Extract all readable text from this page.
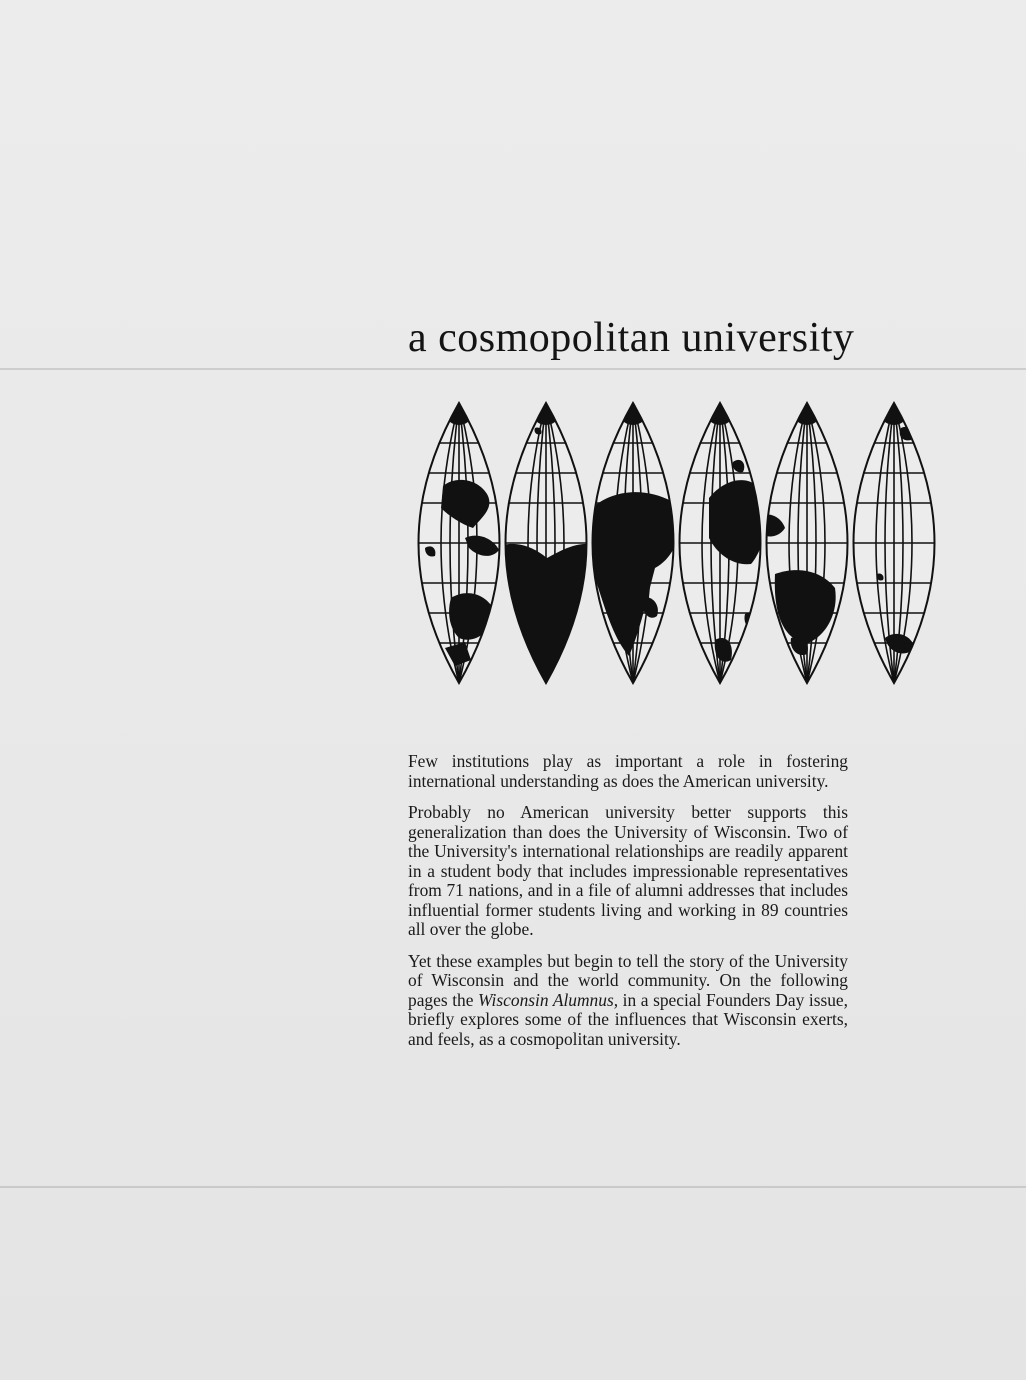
a cosmopolitan university

Few institutions play as important a role in fostering international understanding as does the American university.

Probably no American university better supports this generalization than does the University of Wisconsin. Two of the University's international relationships are readily apparent in a student body that includes impressionable representatives from 71 nations, and in a file of alumni addresses that includes influential former students living and working in 89 countries all over the globe.

Yet these examples but begin to tell the story of the University of Wisconsin and the world community. On the following pages the Wisconsin Alumnus, in a special Founders Day issue, briefly explores some of the influences that Wisconsin exerts, and feels, as a cosmopolitan university.
